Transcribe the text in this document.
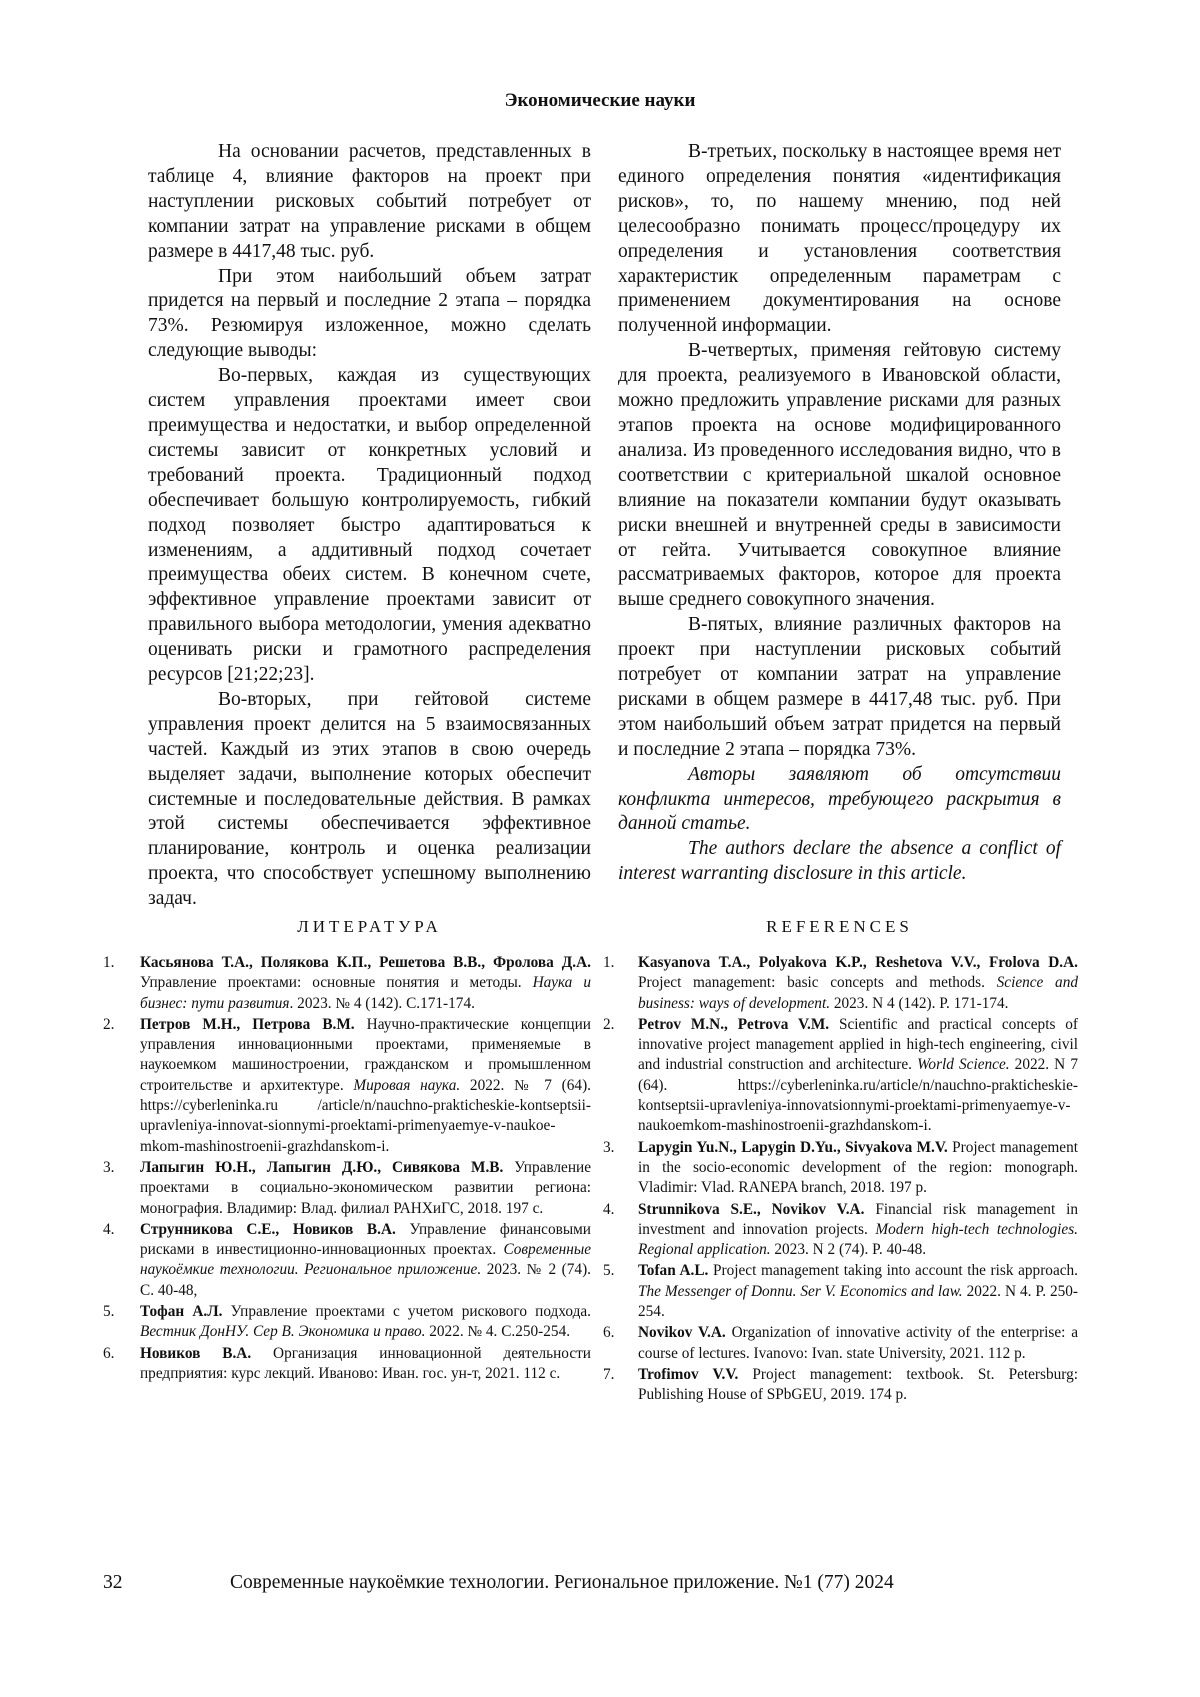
Экономические науки

На основании расчетов, представленных в таблице 4, влияние факторов на проект при наступлении рисковых событий потребует от компании затрат на управление рисками в общем размере в 4417,48 тыс. руб.

При этом наибольший объем затрат придется на первый и последние 2 этапа – порядка 73%. Резюмируя изложенное, можно сделать следующие выводы:

Во-первых, каждая из существующих систем управления проектами имеет свои преимущества и недостатки, и выбор определенной системы зависит от конкретных условий и требований проекта. Традиционный подход обеспечивает большую контролируемость, гибкий подход позволяет быстро адаптироваться к изменениям, а аддитивный подход сочетает преимущества обеих систем. В конечном счете, эффективное управление проектами зависит от правильного выбора методологии, умения адекватно оценивать риски и грамотного распределения ресурсов [21;22;23].

Во-вторых, при гейтовой системе управления проект делится на 5 взаимосвязанных частей. Каждый из этих этапов в свою очередь выделяет задачи, выполнение которых обеспечит системные и последовательные действия. В рамках этой системы обеспечивается эффективное планирование, контроль и оценка реализации проекта, что способствует успешному выполнению задач.

В-третьих, поскольку в настоящее время нет единого определения понятия «идентификация рисков», то, по нашему мнению, под ней целесообразно понимать процесс/процедуру их определения и установления соответствия характеристик определенным параметрам с применением документирования на основе полученной информации.

В-четвертых, применяя гейтовую систему для проекта, реализуемого в Ивановской области, можно предложить управление рисками для разных этапов проекта на основе модифицированного анализа. Из проведенного исследования видно, что в соответствии с критериальной шкалой основное влияние на показатели компании будут оказывать риски внешней и внутренней среды в зависимости от гейта. Учитывается совокупное влияние рассматриваемых факторов, которое для проекта выше среднего совокупного значения.

В-пятых, влияние различных факторов на проект при наступлении рисковых событий потребует от компании затрат на управление рисками в общем размере в 4417,48 тыс. руб. При этом наибольший объем затрат придется на первый и последние 2 этапа – порядка 73%.

Авторы заявляют об отсутствии конфликта интересов, требующего раскрытия в данной статье.

The authors declare the absence a conflict of interest warranting disclosure in this article.

ЛИТЕРАТУРА	REFERENCES
1. Касьянова Т.А., Полякова К.П., Решетова В.В., Фролова Д.А. Управление проектами: основные понятия и методы. Наука и бизнес: пути развития. 2023. № 4 (142). С.171-174.
2. Петров М.Н., Петрова В.М. Научно-практические концепции управления инновационными проектами, применяемые в наукоемком машиностроении, гражданском и промышленном строительстве и архитектуре. Мировая наука. 2022. № 7 (64). https://cyberleninka.ru /article/n/nauchno-prakticheskie-kontseptsii-upravleniya-innovat-sionnymi-proektami-primenyaemye-v-naukoe-mkom-mashinostroenii-grazhdanskom-i.
3. Лапыгин Ю.Н., Лапыгин Д.Ю., Сивякова М.В. Управление проектами в социально-экономическом развитии региона: монография. Владимир: Влад. филиал РАНХиГС, 2018. 197 с.
4. Струнникова С.Е., Новиков В.А. Управление финансовыми рисками в инвестиционно-инновационных проектах. Современные наукоёмкие технологии. Региональное приложение. 2023. № 2 (74). С. 40-48,
5. Тофан А.Л. Управление проектами с учетом рискового подхода. Вестник ДонНУ. Сер В. Экономика и право. 2022. № 4. С.250-254.
6. Новиков В.А. Организация инновационной деятельности предприятия: курс лекций. Иваново: Иван. гос. ун-т, 2021. 112 с.
1. Kasyanova T.A., Polyakova K.P., Reshetova V.V., Frolova D.A. Project management: basic concepts and methods. Science and business: ways of development. 2023. N 4 (142). P. 171-174.
2. Petrov M.N., Petrova V.M. Scientific and practical concepts of innovative project management applied in high-tech engineering, civil and industrial construction and architecture. World Science. 2022. N 7 (64). https://cyberleninka.ru/article/n/nauchno-prakticheskie-kontseptsii-upravleniya-innovatsionnymi-proektami-primenyaemye-v-naukoemkom-mashinostroenii-grazhdanskom-i.
3. Lapygin Yu.N., Lapygin D.Yu., Sivyakova M.V. Project management in the socio-economic development of the region: monograph. Vladimir: Vlad. RANEPA branch, 2018. 197 p.
4. Strunnikova S.E., Novikov V.A. Financial risk management in investment and innovation projects. Modern high-tech technologies. Regional application. 2023. N 2 (74). P. 40-48.
5. Tofan A.L. Project management taking into account the risk approach. The Messenger of Donnu. Ser V. Economics and law. 2022. N 4. P. 250-254.
6. Novikov V.A. Organization of innovative activity of the enterprise: a course of lectures. Ivanovo: Ivan. state University, 2021. 112 p.
7. Trofimov V.V. Project management: textbook. St. Petersburg: Publishing House of SPbGEU, 2019. 174 p.
32	Современные наукоёмкие технологии. Региональное приложение. №1 (77) 2024
